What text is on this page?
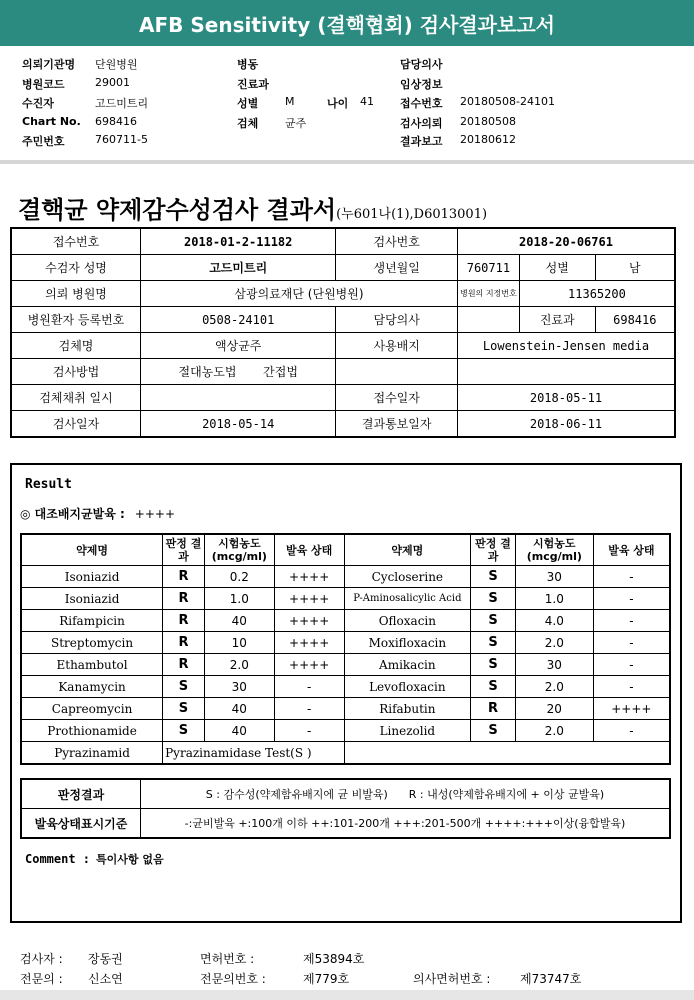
AFB Sensitivity (결핵협회) 검사결과보고서
의뢰기관명 단원병원
병원코드	29001
수진자	고드미트리
Chart No. 698416
주민번호	760711-5
병동
진료과
성별 M	나이 41
검체 균주
담당의사
임상정보
접수번호 20180508-24101
검사의뢰 20180508
결과보고 20180612
결핵균 약제감수성검사 결과서(누601나(1),D6013001)
접수번호	2018-01-2-11182	검사번호	2018-20-06761		
수검자 성명	고드미트리	생년월일	760711	성별	남
의뢰 병원명	삼광의료재단 (단원병원)		병원의 지정번호	11365200	
병원환자 등록번호	0508-24101	담당의사		진료과	698416
검체명	액상균주	사용배지	Lowenstein-Jensen media		
검사방법	절대농도법 간접법				
검체채취 일시		접수일자	2018-05-11		
검사일자	2018-05-14	결과통보일자	2018-06-11		
Result
◎ 대조배지균발육 : ++++
약제명	판정 결과	시험농도 (mcg/ml)	발육 상태	약제명	판정 결과	시험농도 (mcg/ml)	발육 상태
Isoniazid	R	0.2	++++	Cycloserine	S	30	-
Isoniazid	R	1.0	++++	P-Aminosalicylic Acid	S	1.0	-
Rifampicin	R	40	++++	Ofloxacin	S	4.0	-
Streptomycin	R	10	++++	Moxifloxacin	S	2.0	-
Ethambutol	R	2.0	++++	Amikacin	S	30	-
Kanamycin	S	30	-	Levofloxacin	S	2.0	-
Capreomycin	S	40	-	Rifabutin	R	20	++++
Prothionamide	S	40	-	Linezolid	S	2.0	-
Pyrazinamid	Pyrazinamidase Test(S )						
판정결과	S : 감수성(약제함유배지에 균 비발육) R : 내성(약제함유배지에 + 이상 균발육)
발육상태표시기준	-:균비발육 +:100개 이하 ++:101-200개 +++:201-500개 ++++:+++이상(융합발육)
Comment : 특이사항 없음
검사자 : 장동권	면허번호 :	제53894호
전문의 : 신소연	전문의번호 :	제779호	의사면허번호 : 제73747호
